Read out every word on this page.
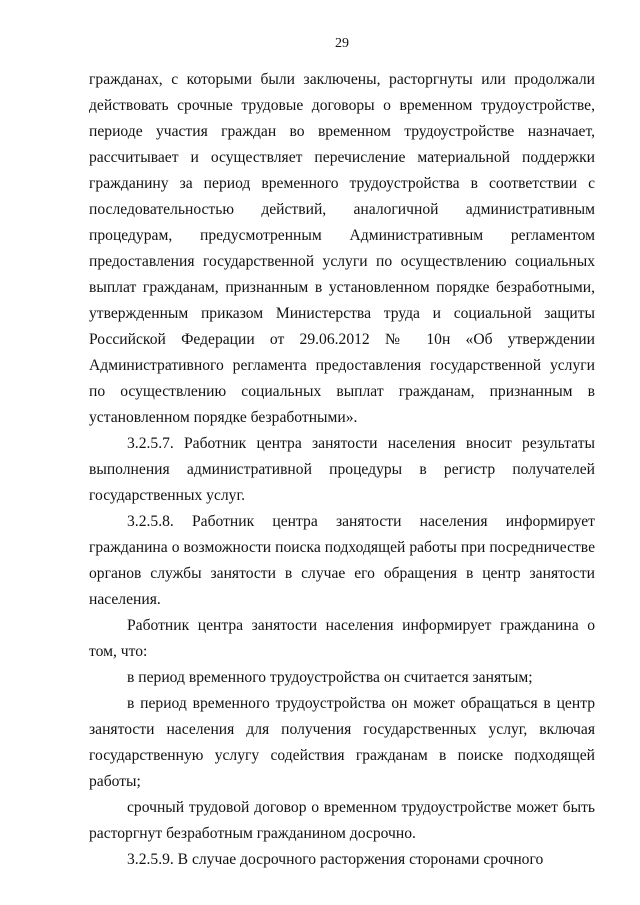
29

гражданах, с которыми были заключены, расторгнуты или продолжали действовать срочные трудовые договоры о временном трудоустройстве, периоде участия граждан во временном трудоустройстве назначает, рассчитывает и осуществляет перечисление материальной поддержки гражданину за период временного трудоустройства в соответствии с последовательностью действий, аналогичной административным процедурам, предусмотренным Административным регламентом предоставления государственной услуги по осуществлению социальных выплат гражданам, признанным в установленном порядке безработными, утвержденным приказом Министерства труда и социальной защиты Российской Федерации от 29.06.2012 № 10н «Об утверждении Административного регламента предоставления государственной услуги по осуществлению социальных выплат гражданам, признанным в установленном порядке безработными».

3.2.5.7. Работник центра занятости населения вносит результаты выполнения административной процедуры в регистр получателей государственных услуг.

3.2.5.8. Работник центра занятости населения информирует гражданина о возможности поиска подходящей работы при посредничестве органов службы занятости в случае его обращения в центр занятости населения.

Работник центра занятости населения информирует гражданина о том, что:

в период временного трудоустройства он считается занятым;

в период временного трудоустройства он может обращаться в центр занятости населения для получения государственных услуг, включая государственную услугу содействия гражданам в поиске подходящей работы;

срочный трудовой договор о временном трудоустройстве может быть расторгнут безработным гражданином досрочно.

3.2.5.9. В случае досрочного расторжения сторонами срочного
